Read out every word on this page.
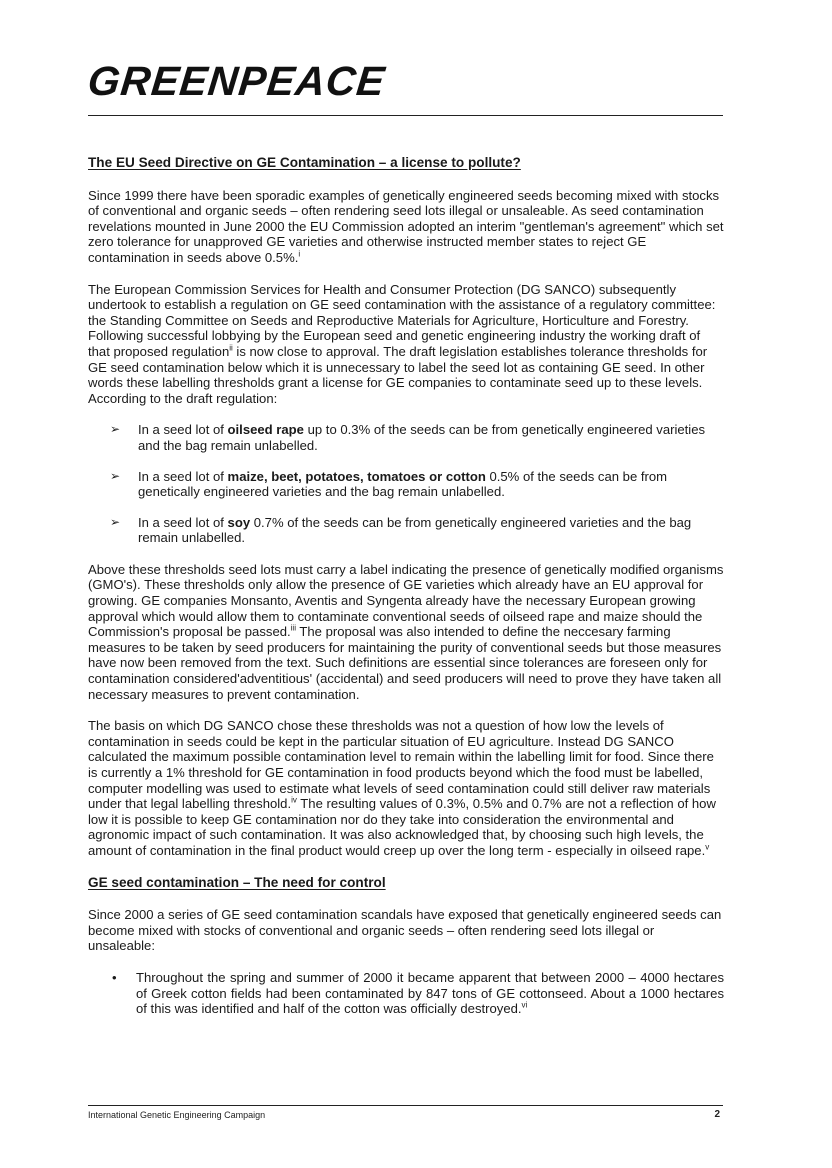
GREENPEACE
The EU Seed Directive on GE Contamination – a license to pollute?

Since 1999 there have been sporadic examples of genetically engineered seeds becoming mixed with stocks of conventional and organic seeds – often rendering seed lots illegal or unsaleable. As seed contamination revelations mounted in June 2000 the EU Commission adopted an interim "gentleman's agreement" which set zero tolerance for unapproved GE varieties and otherwise instructed member states to reject GE contamination in seeds above 0.5%.$^i$

The European Commission Services for Health and Consumer Protection (DG SANCO) subsequently undertook to establish a regulation on GE seed contamination with the assistance of a regulatory committee: the Standing Committee on Seeds and Reproductive Materials for Agriculture, Horticulture and Forestry. Following successful lobbying by the European seed and genetic engineering industry the working draft of that proposed regulation$^{ii}$ is now close to approval. The draft legislation establishes tolerance thresholds for GE seed contamination below which it is unnecessary to label the seed lot as containing GE seed. In other words these labelling thresholds grant a license for GE companies to contaminate seed up to these levels. According to the draft regulation:

➢ In a seed lot of oilseed rape up to 0.3% of the seeds can be from genetically engineered varieties and the bag remain unlabelled.
➢ In a seed lot of maize, beet, potatoes, tomatoes or cotton 0.5% of the seeds can be from genetically engineered varieties and the bag remain unlabelled.
➢ In a seed lot of soy 0.7% of the seeds can be from genetically engineered varieties and the bag remain unlabelled.

Above these thresholds seed lots must carry a label indicating the presence of genetically modified organisms (GMO's). These thresholds only allow the presence of GE varieties which already have an EU approval for growing. GE companies Monsanto, Aventis and Syngenta already have the necessary European growing approval which would allow them to contaminate conventional seeds of oilseed rape and maize should the Commission's proposal be passed.$^{iii}$ The proposal was also intended to define the neccesary farming measures to be taken by seed producers for maintaining the purity of conventional seeds but those measures have now been removed from the text. Such definitions are essential since tolerances are foreseen only for contamination considered'adventitious' (accidental) and seed producers will need to prove they have taken all necessary measures to prevent contamination.

The basis on which DG SANCO chose these thresholds was not a question of how low the levels of contamination in seeds could be kept in the particular situation of EU agriculture. Instead DG SANCO calculated the maximum possible contamination level to remain within the labelling limit for food. Since there is currently a 1% threshold for GE contamination in food products beyond which the food must be labelled, computer modelling was used to estimate what levels of seed contamination could still deliver raw materials under that legal labelling threshold.$^{iv}$ The resulting values of 0.3%, 0.5% and 0.7% are not a reflection of how low it is possible to keep GE contamination nor do they take into consideration the environmental and agronomic impact of such contamination. It was also acknowledged that, by choosing such high levels, the amount of contamination in the final product would creep up over the long term - especially in oilseed rape.$^v$

GE seed contamination – The need for control

Since 2000 a series of GE seed contamination scandals have exposed that genetically engineered seeds can become mixed with stocks of conventional and organic seeds – often rendering seed lots illegal or unsaleable:

• Throughout the spring and summer of 2000 it became apparent that between 2000 – 4000 hectares of Greek cotton fields had been contaminated by 847 tons of GE cottonseed. About a 1000 hectares of this was identified and half of the cotton was officially destroyed.$^{vi}$
International Genetic Engineering Campaign	2
